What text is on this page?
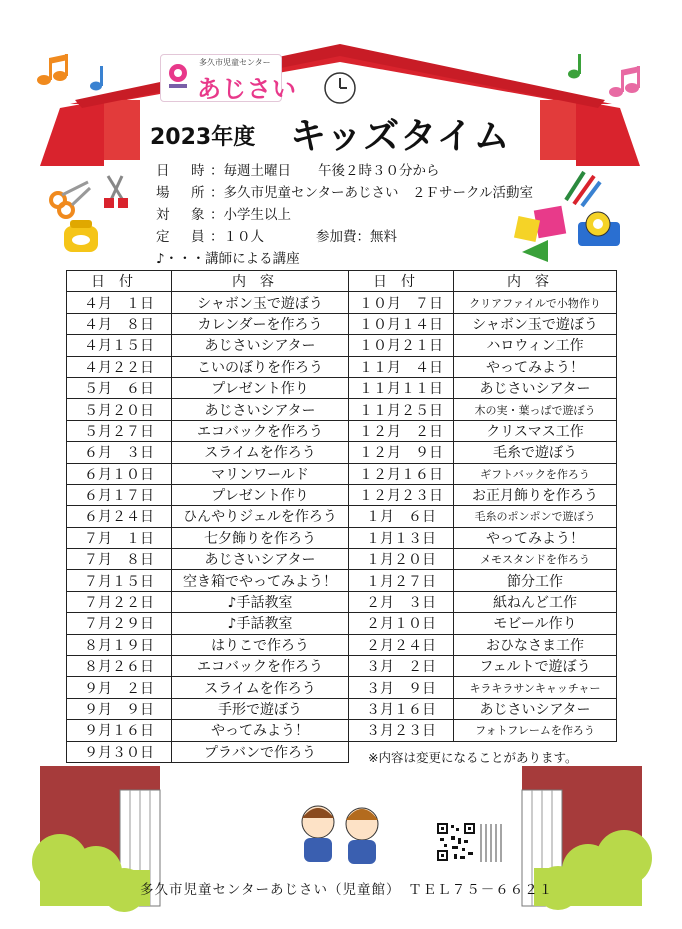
多久市児童センター
あじさい
2023年度 キッズタイム
日　時 ：毎週土曜日　　午後２時３０分から
場　所 ：多久市児童センターあじさい　２Ｆサークル活動室
対　象 ：小学生以上
定　員 ：１０人	参加費：無料
♪・・・講師による講座
日付	内容	日付	内容
４月　１日	シャボン玉で遊ぼう	１０月　７日	クリアファイルで小物作り
４月　８日	カレンダーを作ろう	１０月１４日	シャボン玉で遊ぼう
４月１５日	あじさいシアター	１０月２１日	ハロウィン工作
４月２２日	こいのぼりを作ろう	１１月　４日	やってみよう！
５月　６日	プレゼント作り	１１月１１日	あじさいシアター
５月２０日	あじさいシアター	１１月２５日	木の実・葉っぱで遊ぼう
５月２７日	エコバックを作ろう	１２月　２日	クリスマス工作
６月　３日	スライムを作ろう	１２月　９日	毛糸で遊ぼう
６月１０日	マリンワールド	１２月１６日	ギフトバックを作ろう
６月１７日	プレゼント作り	１２月２３日	お正月飾りを作ろう
６月２４日	ひんやりジェルを作ろう	１月　６日	毛糸のポンポンで遊ぼう
７月　１日	七夕飾りを作ろう	１月１３日	やってみよう！
７月　８日	あじさいシアター	１月２０日	メモスタンドを作ろう
７月１５日	空き箱でやってみよう！	１月２７日	節分工作
７月２２日	♪手話教室	２月　３日	紙ねんど工作
７月２９日	♪手話教室	２月１０日	モビール作り
８月１９日	はりこで作ろう	２月２４日	おひなさま工作
８月２６日	エコバックを作ろう	３月　２日	フェルトで遊ぼう
９月　２日	スライムを作ろう	３月　９日	キラキラサンキャッチャー
９月　９日	手形で遊ぼう	３月１６日	あじさいシアター
９月１６日	やってみよう！	３月２３日	フォトフレームを作ろう
９月３０日	プラバンで作ろう			※内容は変更になることがあります。
多久市児童センターあじさい（児童館）　ＴＥＬ７５－６６２１
